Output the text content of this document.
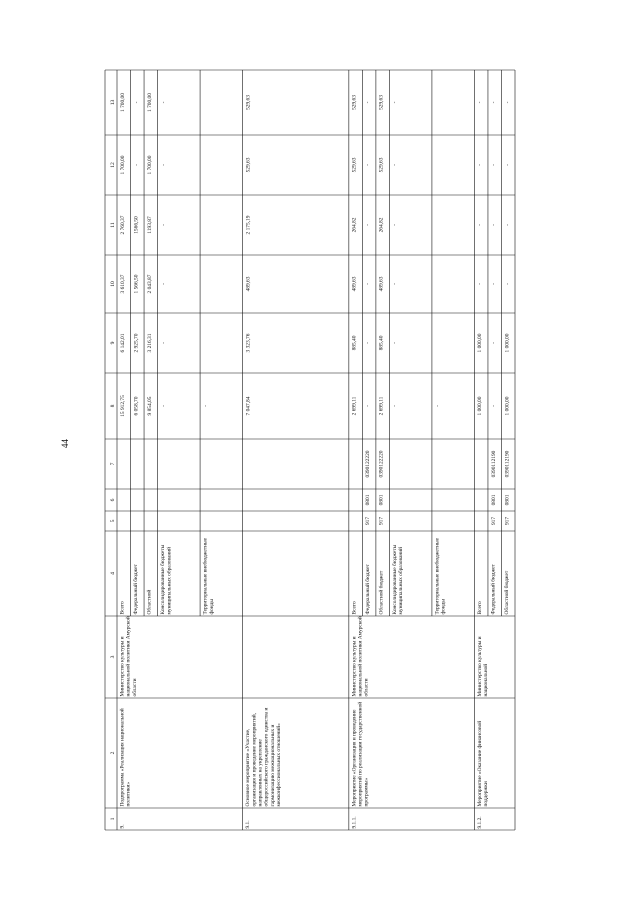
44
1
2
3
4
5
6
7
8
9
10
11
12
13
9.
Подпрограмма «Реализация национальнойполитики»
Министерство культуры инациональной политики Амурскойобласти
Всего
15 912,75
6 142,01
3 610,37
2 760,37
1 700,00
1 700,00
Федеральный бюджет
6 058,70
2 925,70
1 566,50
1566,50
-
-
Областной
9 854,05
3 216,31
2 043,87
1193,87
1 700,00
1 700,00
Консолидированные бюджетымуниципальных образований
-
-
-
-
-
-
Территориальные внебюджетныефонды
-
9.1.
Основное мероприятие «Участие,организация и проведение мероприятий,направленных на укреплениеобщероссийского гражданского единства игармонизацию межнациональных имежконфессиональных отношений»
7 047,84
3 323,76
489,63
2 175,19
529,63
529,63
9.1.1.
Мероприятие «Организация и проведениемероприятий по реализации государственнойпрограммы»
Министерство культуры инациональной политики Амурскойобласти
Всего
2 699,11
885,40
489,63
264,82
529,63
529,63
Федеральный бюджет
917
0801
0390122220
-
-
-
-
-
-
Областной бюджет
917
0801
0390122220
2 699,11
885,40
489,63
264,82
529,63
529,63
Консолидированные бюджетымуниципальных образований
-
-
-
-
-
-
Территориальные внебюджетныефонды
-
9.1.2.
Мероприятие «Оказание финансовойподдержки
Министерство культуры инациональной
Всего
1 000,00
1 000,00
-
-
-
-
Федеральный бюджет
917
0801
0390112190
-
-
-
-
-
-
Областной бюджет
917
0801
0390112190
1 000,00
1 000,00
-
-
-
-
